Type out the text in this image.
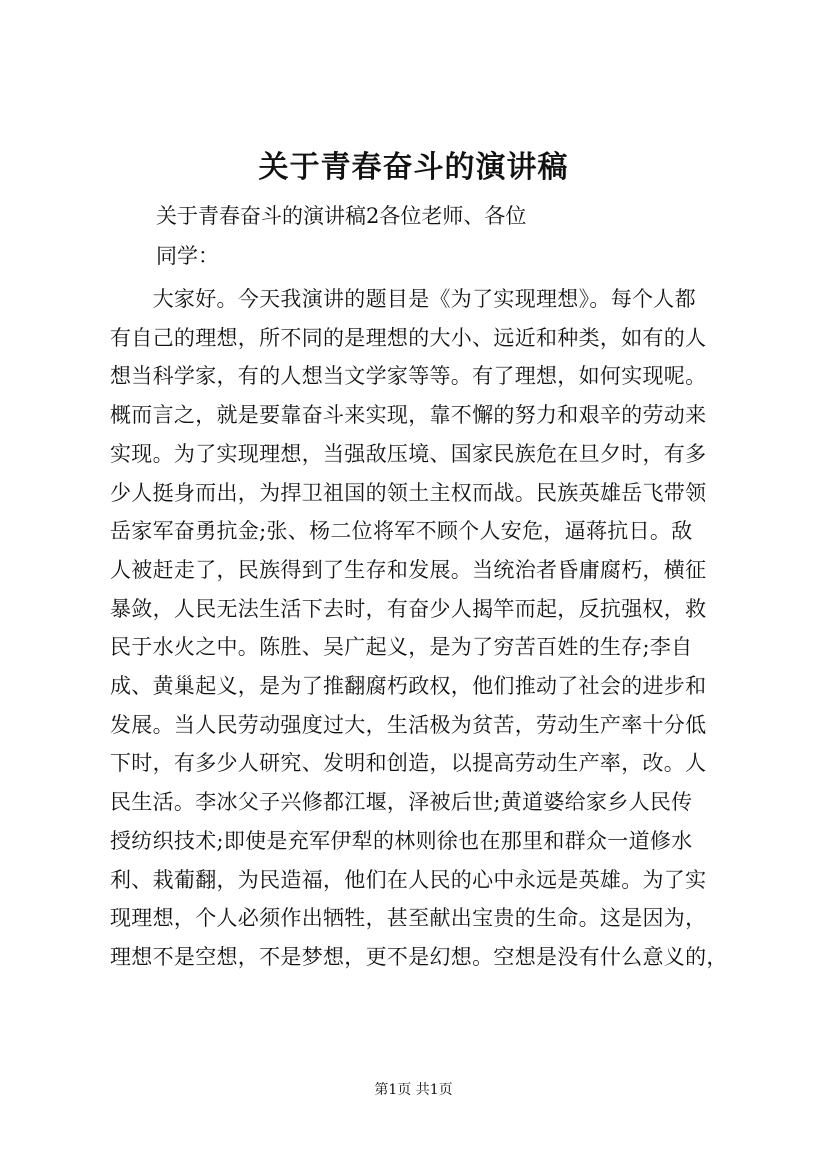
关于青春奋斗的演讲稿
关于青春奋斗的演讲稿2各位老师、各位
同学：
　　大家好。今天我演讲的题目是《为了实现理想》。每个人都
有自己的理想，所不同的是理想的大小、远近和种类，如有的人
想当科学家，有的人想当文学家等等。有了理想，如何实现呢。
概而言之，就是要靠奋斗来实现，靠不懈的努力和艰辛的劳动来
实现。为了实现理想，当强敌压境、国家民族危在旦夕时，有多
少人挺身而出，为捍卫祖国的领土主权而战。民族英雄岳飞带领
岳家军奋勇抗金;张、杨二位将军不顾个人安危，逼蒋抗日。敌
人被赶走了，民族得到了生存和发展。当统治者昏庸腐朽，横征
暴敛，人民无法生活下去时，有奋少人揭竿而起，反抗强权，救
民于水火之中。陈胜、吴广起义，是为了穷苦百姓的生存;李自
成、黄巢起义，是为了推翻腐朽政权，他们推动了社会的进步和
发展。当人民劳动强度过大，生活极为贫苦，劳动生产率十分低
下时，有多少人研究、发明和创造，以提高劳动生产率，改。人
民生活。李冰父子兴修都江堰，泽被后世;黄道婆给家乡人民传
授纺织技术;即使是充军伊犁的林则徐也在那里和群众一道修水
利、栽葡翻，为民造福，他们在人民的心中永远是英雄。为了实
现理想，个人必须作出牺牲，甚至献出宝贵的生命。这是因为，
理想不是空想，不是梦想，更不是幻想。空想是没有什么意义的，
第1页 共1页
